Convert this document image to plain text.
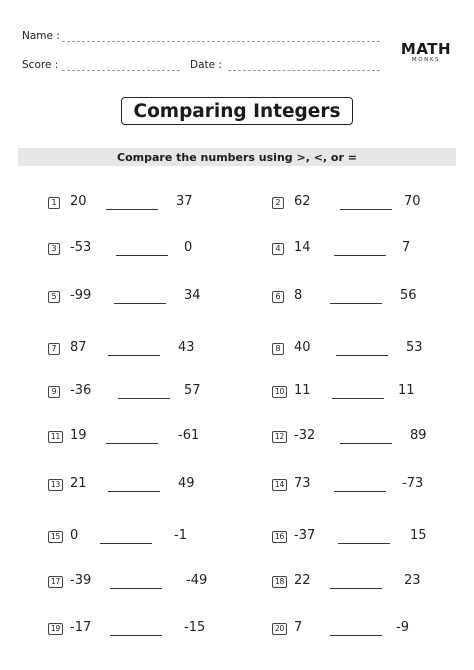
Name :
Score :	Date :
MATH
MONKS
Comparing Integers
Compare the numbers using >, <, or =
1 20	37	2 62	70
3 -53	0	4 14	7
5 -99	34	6 8	56
7 87	43	8 40	53
9 -36	57	10 11	11
11 19	-61	12 -32	89
13 21	49	14 73	-73
15 0	-1	16 -37	15
17 -39	-49	18 22	23
19 -17	-15	20 7	-9
